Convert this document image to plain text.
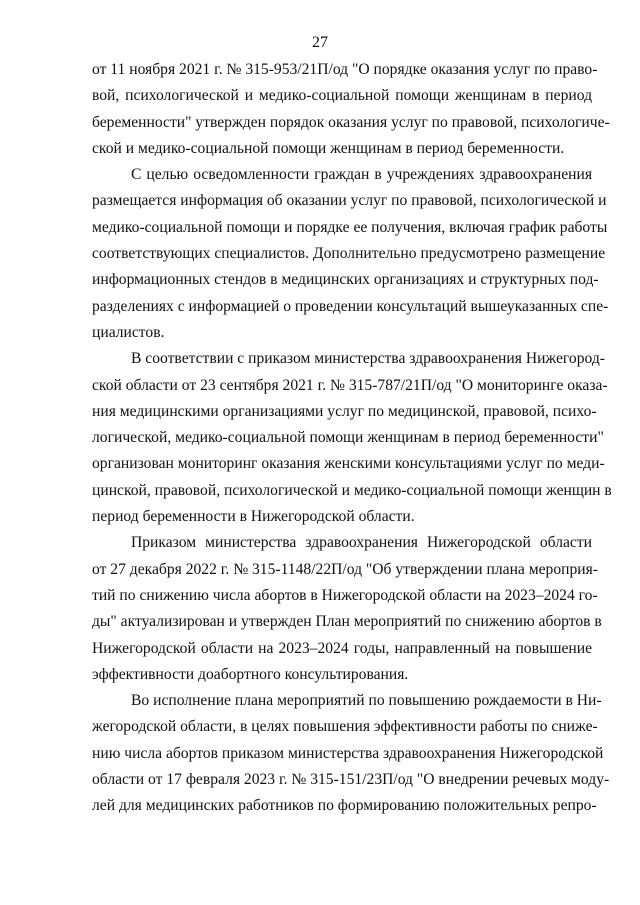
27
от 11 ноября 2021 г. № 315-953/21П/од "О порядке оказания услуг по право-
вой, психологической и медико-социальной помощи женщинам в период
беременности" утвержден порядок оказания услуг по правовой, психологиче-
ской и медико-социальной помощи женщинам в период беременности.
С целью осведомленности граждан в учреждениях здравоохранения
размещается информация об оказании услуг по правовой, психологической и
медико-социальной помощи и порядке ее получения, включая график работы
соответствующих специалистов. Дополнительно предусмотрено размещение
информационных стендов в медицинских организациях и структурных под-
разделениях с информацией о проведении консультаций вышеуказанных спе-
циалистов.
В соответствии с приказом министерства здравоохранения Нижегород-
ской области от 23 сентября 2021 г. № 315-787/21П/од "О мониторинге оказа-
ния медицинскими организациями услуг по медицинской, правовой, психо-
логической, медико-социальной помощи женщинам в период беременности"
организован мониторинг оказания женскими консультациями услуг по меди-
цинской, правовой, психологической и медико-социальной помощи женщин в
период беременности в Нижегородской области.
Приказом министерства здравоохранения Нижегородской области
от 27 декабря 2022 г. № 315-1148/22П/од "Об утверждении плана мероприя-
тий по снижению числа абортов в Нижегородской области на 2023–2024 го-
ды" актуализирован и утвержден План мероприятий по снижению абортов в
Нижегородской области на 2023–2024 годы, направленный на повышение
эффективности доабортного консультирования.
Во исполнение плана мероприятий по повышению рождаемости в Ни-
жегородской области, в целях повышения эффективности работы по сниже-
нию числа абортов приказом министерства здравоохранения Нижегородской
области от 17 февраля 2023 г. № 315-151/23П/од "О внедрении речевых моду-
лей для медицинских работников по формированию положительных репро-
